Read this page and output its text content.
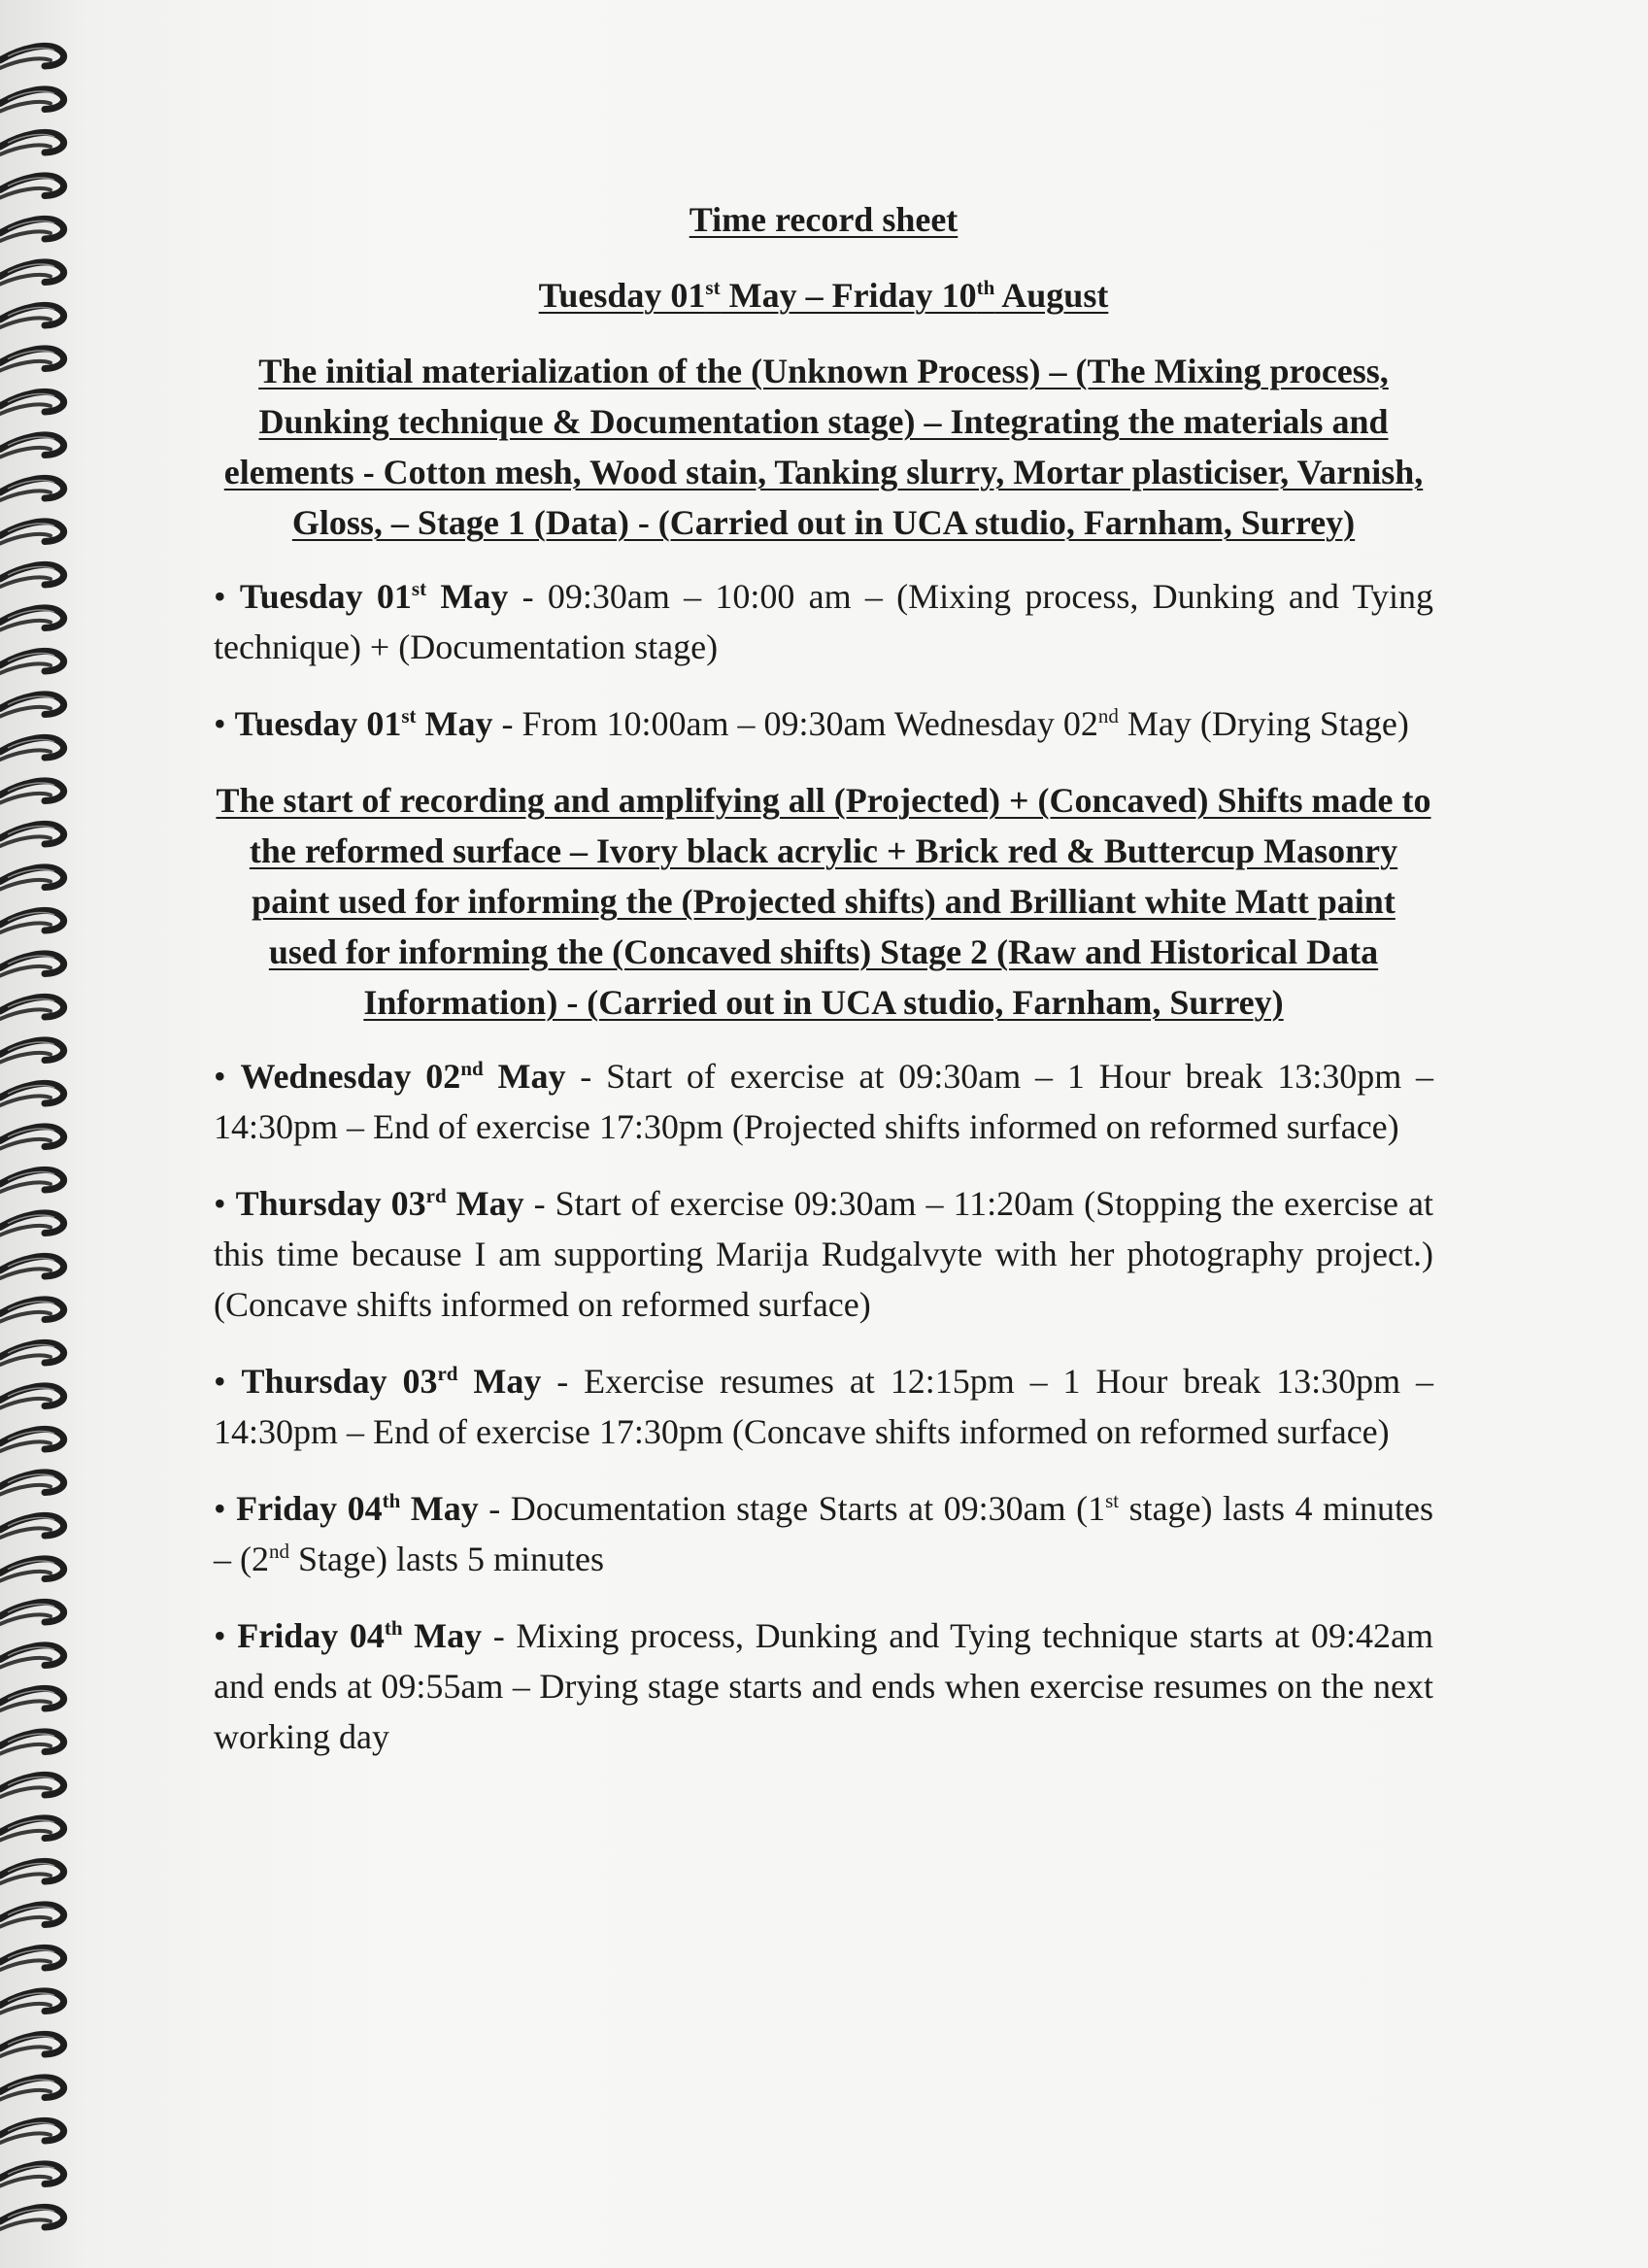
Time record sheet

Tuesday 01st May – Friday 10th August

The initial materialization of the (Unknown Process) – (The Mixing process, Dunking technique & Documentation stage) – Integrating the materials and elements - Cotton mesh, Wood stain, Tanking slurry, Mortar plasticiser, Varnish, Gloss, – Stage 1 (Data) - (Carried out in UCA studio, Farnham, Surrey)

• Tuesday 01st May - 09:30am – 10:00 am – (Mixing process, Dunking and Tying technique) + (Documentation stage)

• Tuesday 01st May - From 10:00am – 09:30am Wednesday 02nd May (Drying Stage)

The start of recording and amplifying all (Projected) + (Concaved) Shifts made to the reformed surface – Ivory black acrylic + Brick red & Buttercup Masonry paint used for informing the (Projected shifts) and Brilliant white Matt paint used for informing the (Concaved shifts) Stage 2 (Raw and Historical Data Information) - (Carried out in UCA studio, Farnham, Surrey)

• Wednesday 02nd May - Start of exercise at 09:30am – 1 Hour break 13:30pm – 14:30pm – End of exercise 17:30pm (Projected shifts informed on reformed surface)

• Thursday 03rd May - Start of exercise 09:30am – 11:20am (Stopping the exercise at this time because I am supporting Marija Rudgalvyte with her photography project.) (Concave shifts informed on reformed surface)

• Thursday 03rd May - Exercise resumes at 12:15pm – 1 Hour break 13:30pm – 14:30pm – End of exercise 17:30pm (Concave shifts informed on reformed surface)

• Friday 04th May - Documentation stage Starts at 09:30am (1st stage) lasts 4 minutes – (2nd Stage) lasts 5 minutes

• Friday 04th May - Mixing process, Dunking and Tying technique starts at 09:42am and ends at 09:55am – Drying stage starts and ends when exercise resumes on the next working day
